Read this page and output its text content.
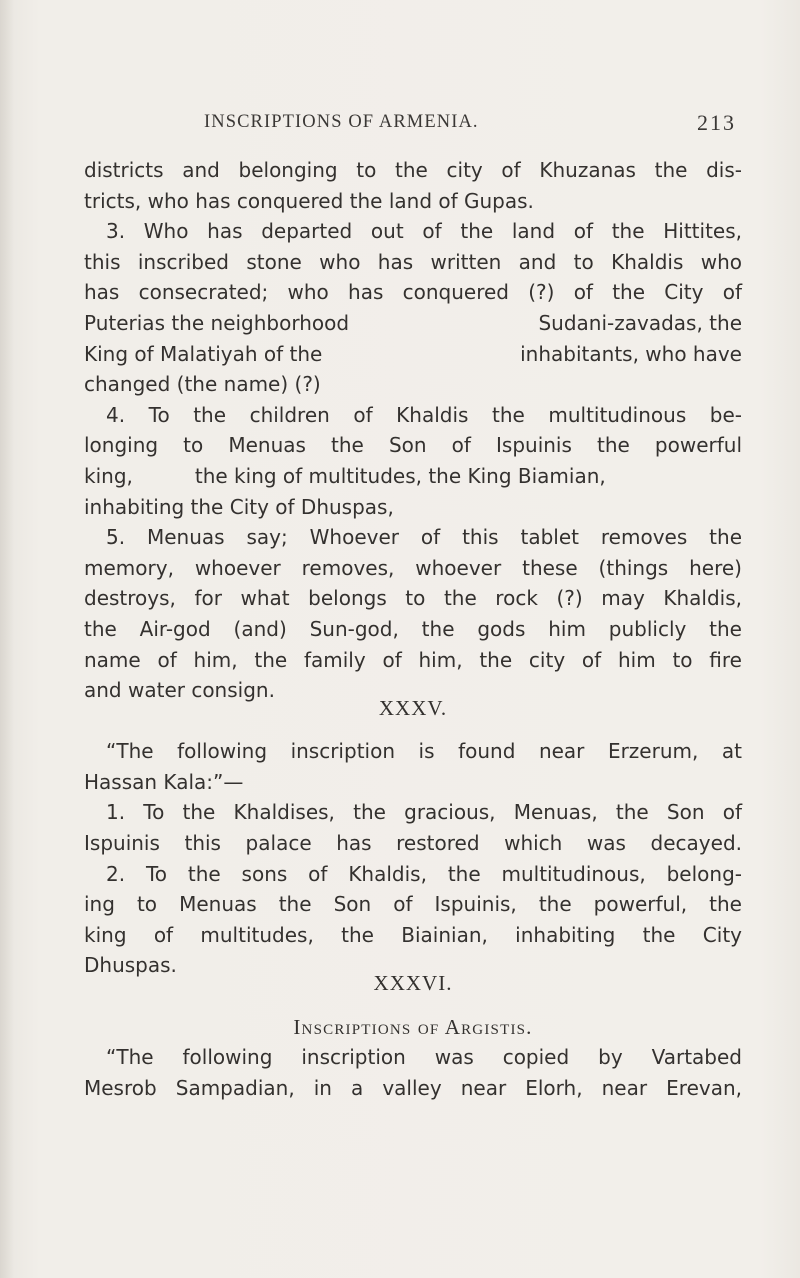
INSCRIPTIONS OF ARMENIA.	213
districts and belonging to the city of Khuzanas the dis-
tricts, who has conquered the land of Gupas.
3. Who has departed out of the land of the Hittites,
this inscribed stone who has written and to Khaldis who
has consecrated; who has conquered (?) of the City of
Puterias the neighborhood	Sudani-zavadas, the
King of Malatiyah of the	inhabitants, who have
changed (the name) (?)
4. To the children of Khaldis the multitudinous be-
longing to Menuas the Son of Ispuinis the powerful
king,	the king of multitudes, the King Biamian,
inhabiting the City of Dhuspas,
5. Menuas say; Whoever of this tablet removes the
memory, whoever removes, whoever these (things here)
destroys, for what belongs to the rock (?) may Khaldis,
the Air-god (and) Sun-god, the gods him publicly the
name of him, the family of him, the city of him to fire
and water consign.
XXXV.
“The following inscription is found near Erzerum, at
Hassan Kala:”—
1. To the Khaldises, the gracious, Menuas, the Son of
Ispuinis this palace has restored which was decayed.
2. To the sons of Khaldis, the multitudinous, belong-
ing to Menuas the Son of Ispuinis, the powerful, the
king of multitudes, the Biainian, inhabiting the City
Dhuspas.
XXXVI.
Inscriptions of Argistis.
“The following inscription was copied by Vartabed
Mesrob Sampadian, in a valley near Elorh, near Erevan,
